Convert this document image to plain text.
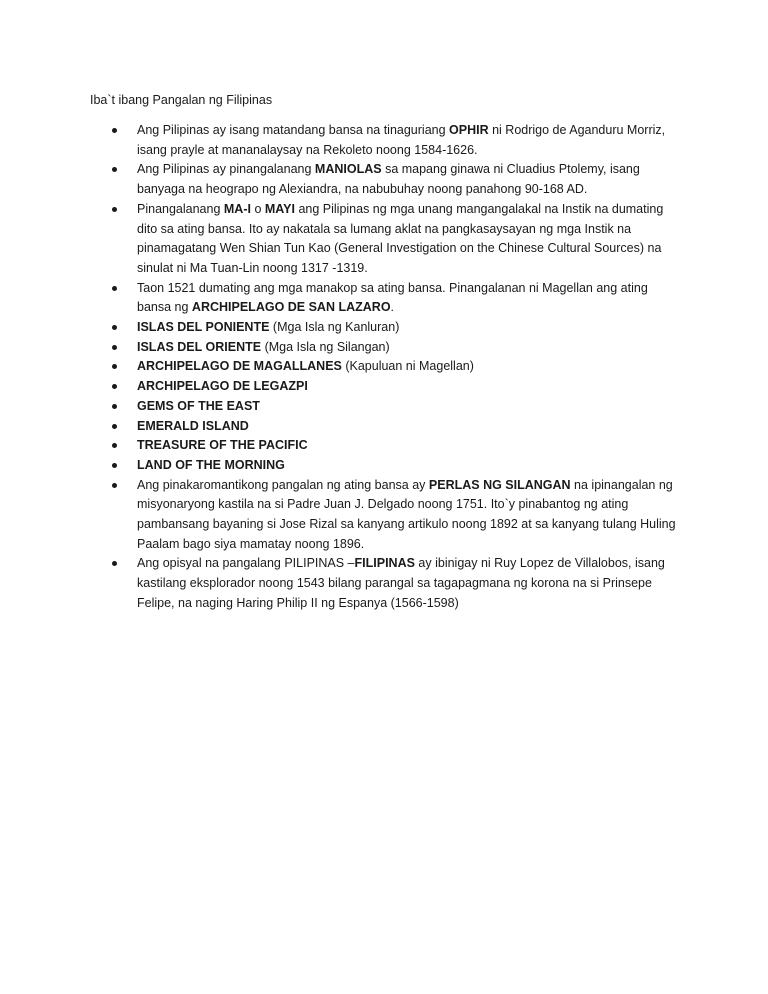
Iba`t ibang Pangalan ng Filipinas
Ang Pilipinas ay isang matandang bansa na tinaguriang OPHIR ni Rodrigo de Aganduru Morriz, isang prayle at mananalaysay na Rekoleto noong 1584-1626.
Ang Pilipinas ay pinangalanang MANIOLAS sa mapang ginawa ni Cluadius Ptolemy, isang banyaga na heograpo ng Alexiandra, na nabubuhay noong panahong 90-168 AD.
Pinangalanang MA-I o MAYI ang Pilipinas ng mga unang mangangalakal na Instik na dumating dito sa ating bansa. Ito ay nakatala sa lumang aklat na pangkasaysayan ng mga Instik na pinamagatang Wen Shian Tun Kao (General Investigation on the Chinese Cultural Sources) na sinulat ni Ma Tuan-Lin noong 1317 -1319.
Taon 1521 dumating ang mga manakop sa ating bansa. Pinangalanan ni Magellan ang ating bansa ng ARCHIPELAGO DE SAN LAZARO.
ISLAS DEL PONIENTE (Mga Isla ng Kanluran)
ISLAS DEL ORIENTE (Mga Isla ng Silangan)
ARCHIPELAGO DE MAGALLANES (Kapuluan ni Magellan)
ARCHIPELAGO DE LEGAZPI
GEMS OF THE EAST
EMERALD ISLAND
TREASURE OF THE PACIFIC
LAND OF THE MORNING
Ang pinakaromantikong pangalan ng ating bansa ay PERLAS NG SILANGAN na ipinangalan ng misyonaryong kastila na si Padre Juan J. Delgado noong 1751. Ito`y pinabantog ng ating pambansang bayaning si Jose Rizal sa kanyang artikulo noong 1892 at sa kanyang tulang Huling Paalam bago siya mamatay noong 1896.
Ang opisyal na pangalang PILIPINAS –FILIPINAS ay ibinigay ni Ruy Lopez de Villalobos, isang kastilang eksplorador noong 1543 bilang parangal sa tagapagmana ng korona na si Prinsepe Felipe, na naging Haring Philip II ng Espanya (1566-1598)
